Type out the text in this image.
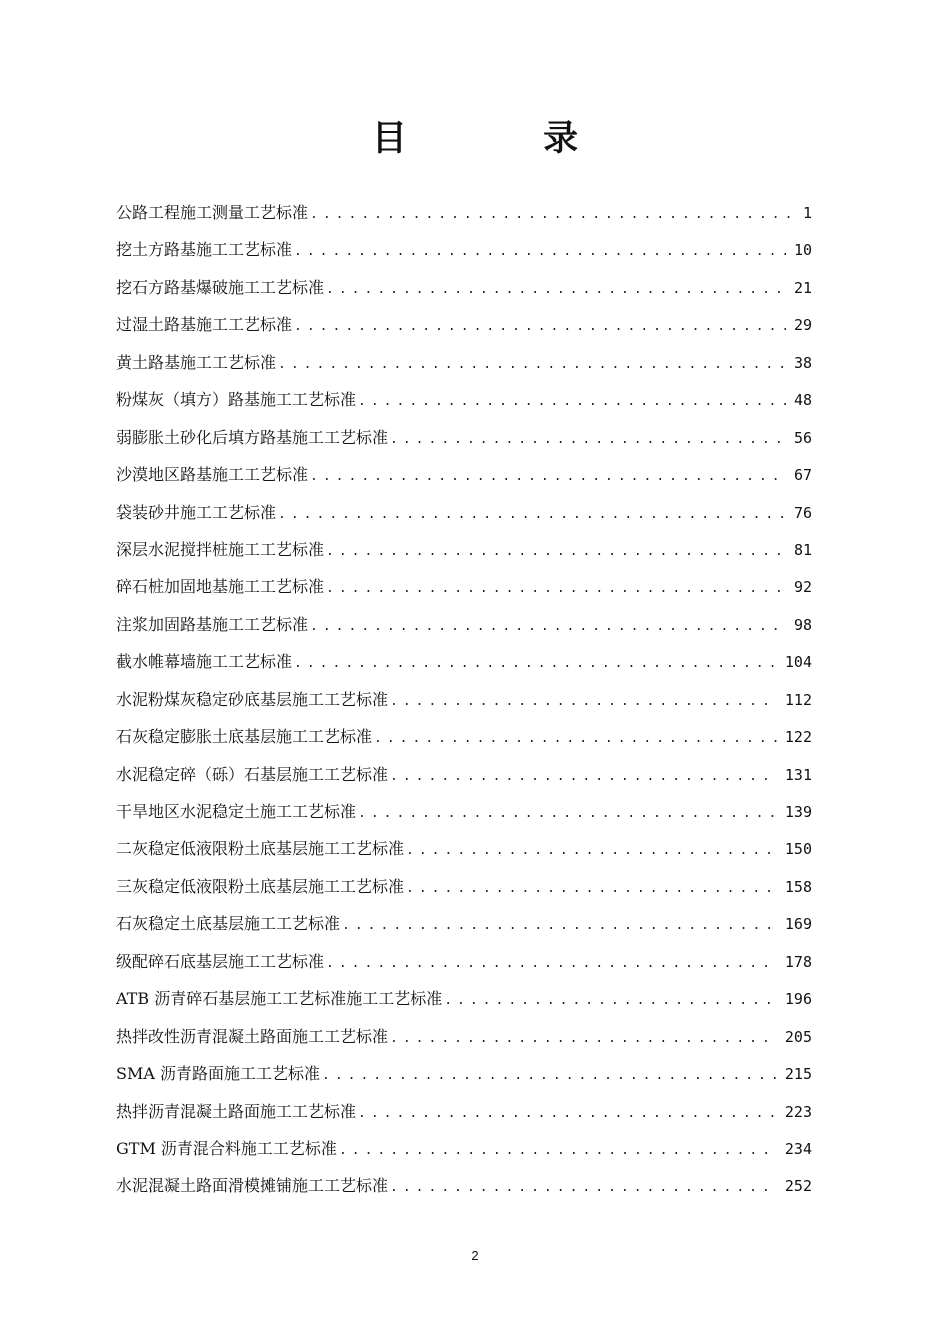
目 录
公路工程施工测量工艺标准 .....	1
挖土方路基施工工艺标准 .....	10
挖石方路基爆破施工工艺标准 .....	21
过湿土路基施工工艺标准 .....	29
黄土路基施工工艺标准 .....	38
粉煤灰（填方）路基施工工艺标准 .....	48
弱膨胀土砂化后填方路基施工工艺标准 .....	56
沙漠地区路基施工工艺标准 .....	67
袋装砂井施工工艺标准 .....	76
深层水泥搅拌桩施工工艺标准 .....	81
碎石桩加固地基施工工艺标准 .....	92
注浆加固路基施工工艺标准 .....	98
截水帷幕墙施工工艺标准 .....	104
水泥粉煤灰稳定砂底基层施工工艺标准 .....	112
石灰稳定膨胀土底基层施工工艺标准 .....	122
水泥稳定碎（砾）石基层施工工艺标准 .....	131
干旱地区水泥稳定土施工工艺标准 .....	139
二灰稳定低液限粉土底基层施工工艺标准 .....	150
三灰稳定低液限粉土底基层施工工艺标准 .....	158
石灰稳定土底基层施工工艺标准 .....	169
级配碎石底基层施工工艺标准 .....	178
ATB 沥青碎石基层施工工艺标准施工工艺标准 .....	196
热拌改性沥青混凝土路面施工工艺标准 .....	205
SMA 沥青路面施工工艺标准 .....	215
热拌沥青混凝土路面施工工艺标准 .....	223
GTM 沥青混合料施工工艺标准 .....	234
水泥混凝土路面滑模摊铺施工工艺标准 .....	252
2
